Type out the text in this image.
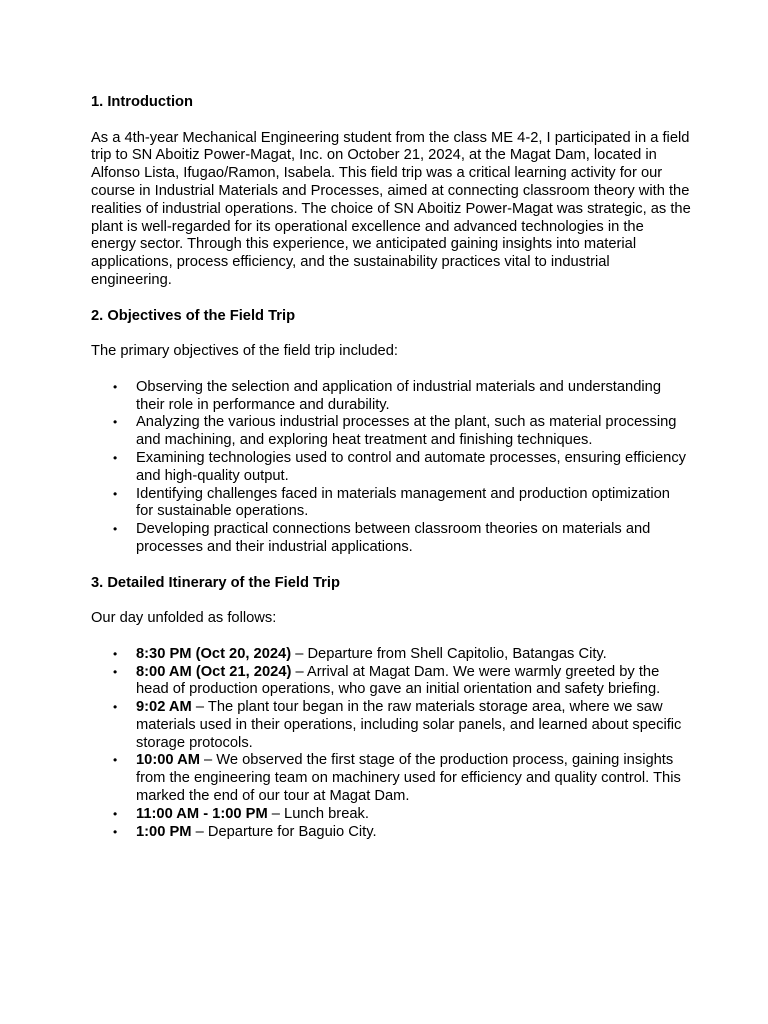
1. Introduction

As a 4th-year Mechanical Engineering student from the class ME 4-2, I participated in a field trip to SN Aboitiz Power-Magat, Inc. on October 21, 2024, at the Magat Dam, located in Alfonso Lista, Ifugao/Ramon, Isabela. This field trip was a critical learning activity for our course in Industrial Materials and Processes, aimed at connecting classroom theory with the realities of industrial operations. The choice of SN Aboitiz Power-Magat was strategic, as the plant is well-regarded for its operational excellence and advanced technologies in the energy sector. Through this experience, we anticipated gaining insights into material applications, process efficiency, and the sustainability practices vital to industrial engineering.

2. Objectives of the Field Trip

The primary objectives of the field trip included:

• Observing the selection and application of industrial materials and understanding their role in performance and durability.
• Analyzing the various industrial processes at the plant, such as material processing and machining, and exploring heat treatment and finishing techniques.
• Examining technologies used to control and automate processes, ensuring efficiency and high-quality output.
• Identifying challenges faced in materials management and production optimization for sustainable operations.
• Developing practical connections between classroom theories on materials and processes and their industrial applications.

3. Detailed Itinerary of the Field Trip

Our day unfolded as follows:

• 8:30 PM (Oct 20, 2024) – Departure from Shell Capitolio, Batangas City.
• 8:00 AM (Oct 21, 2024) – Arrival at Magat Dam. We were warmly greeted by the head of production operations, who gave an initial orientation and safety briefing.
• 9:02 AM – The plant tour began in the raw materials storage area, where we saw materials used in their operations, including solar panels, and learned about specific storage protocols.
• 10:00 AM – We observed the first stage of the production process, gaining insights from the engineering team on machinery used for efficiency and quality control. This marked the end of our tour at Magat Dam.
• 11:00 AM - 1:00 PM – Lunch break.
• 1:00 PM – Departure for Baguio City.
